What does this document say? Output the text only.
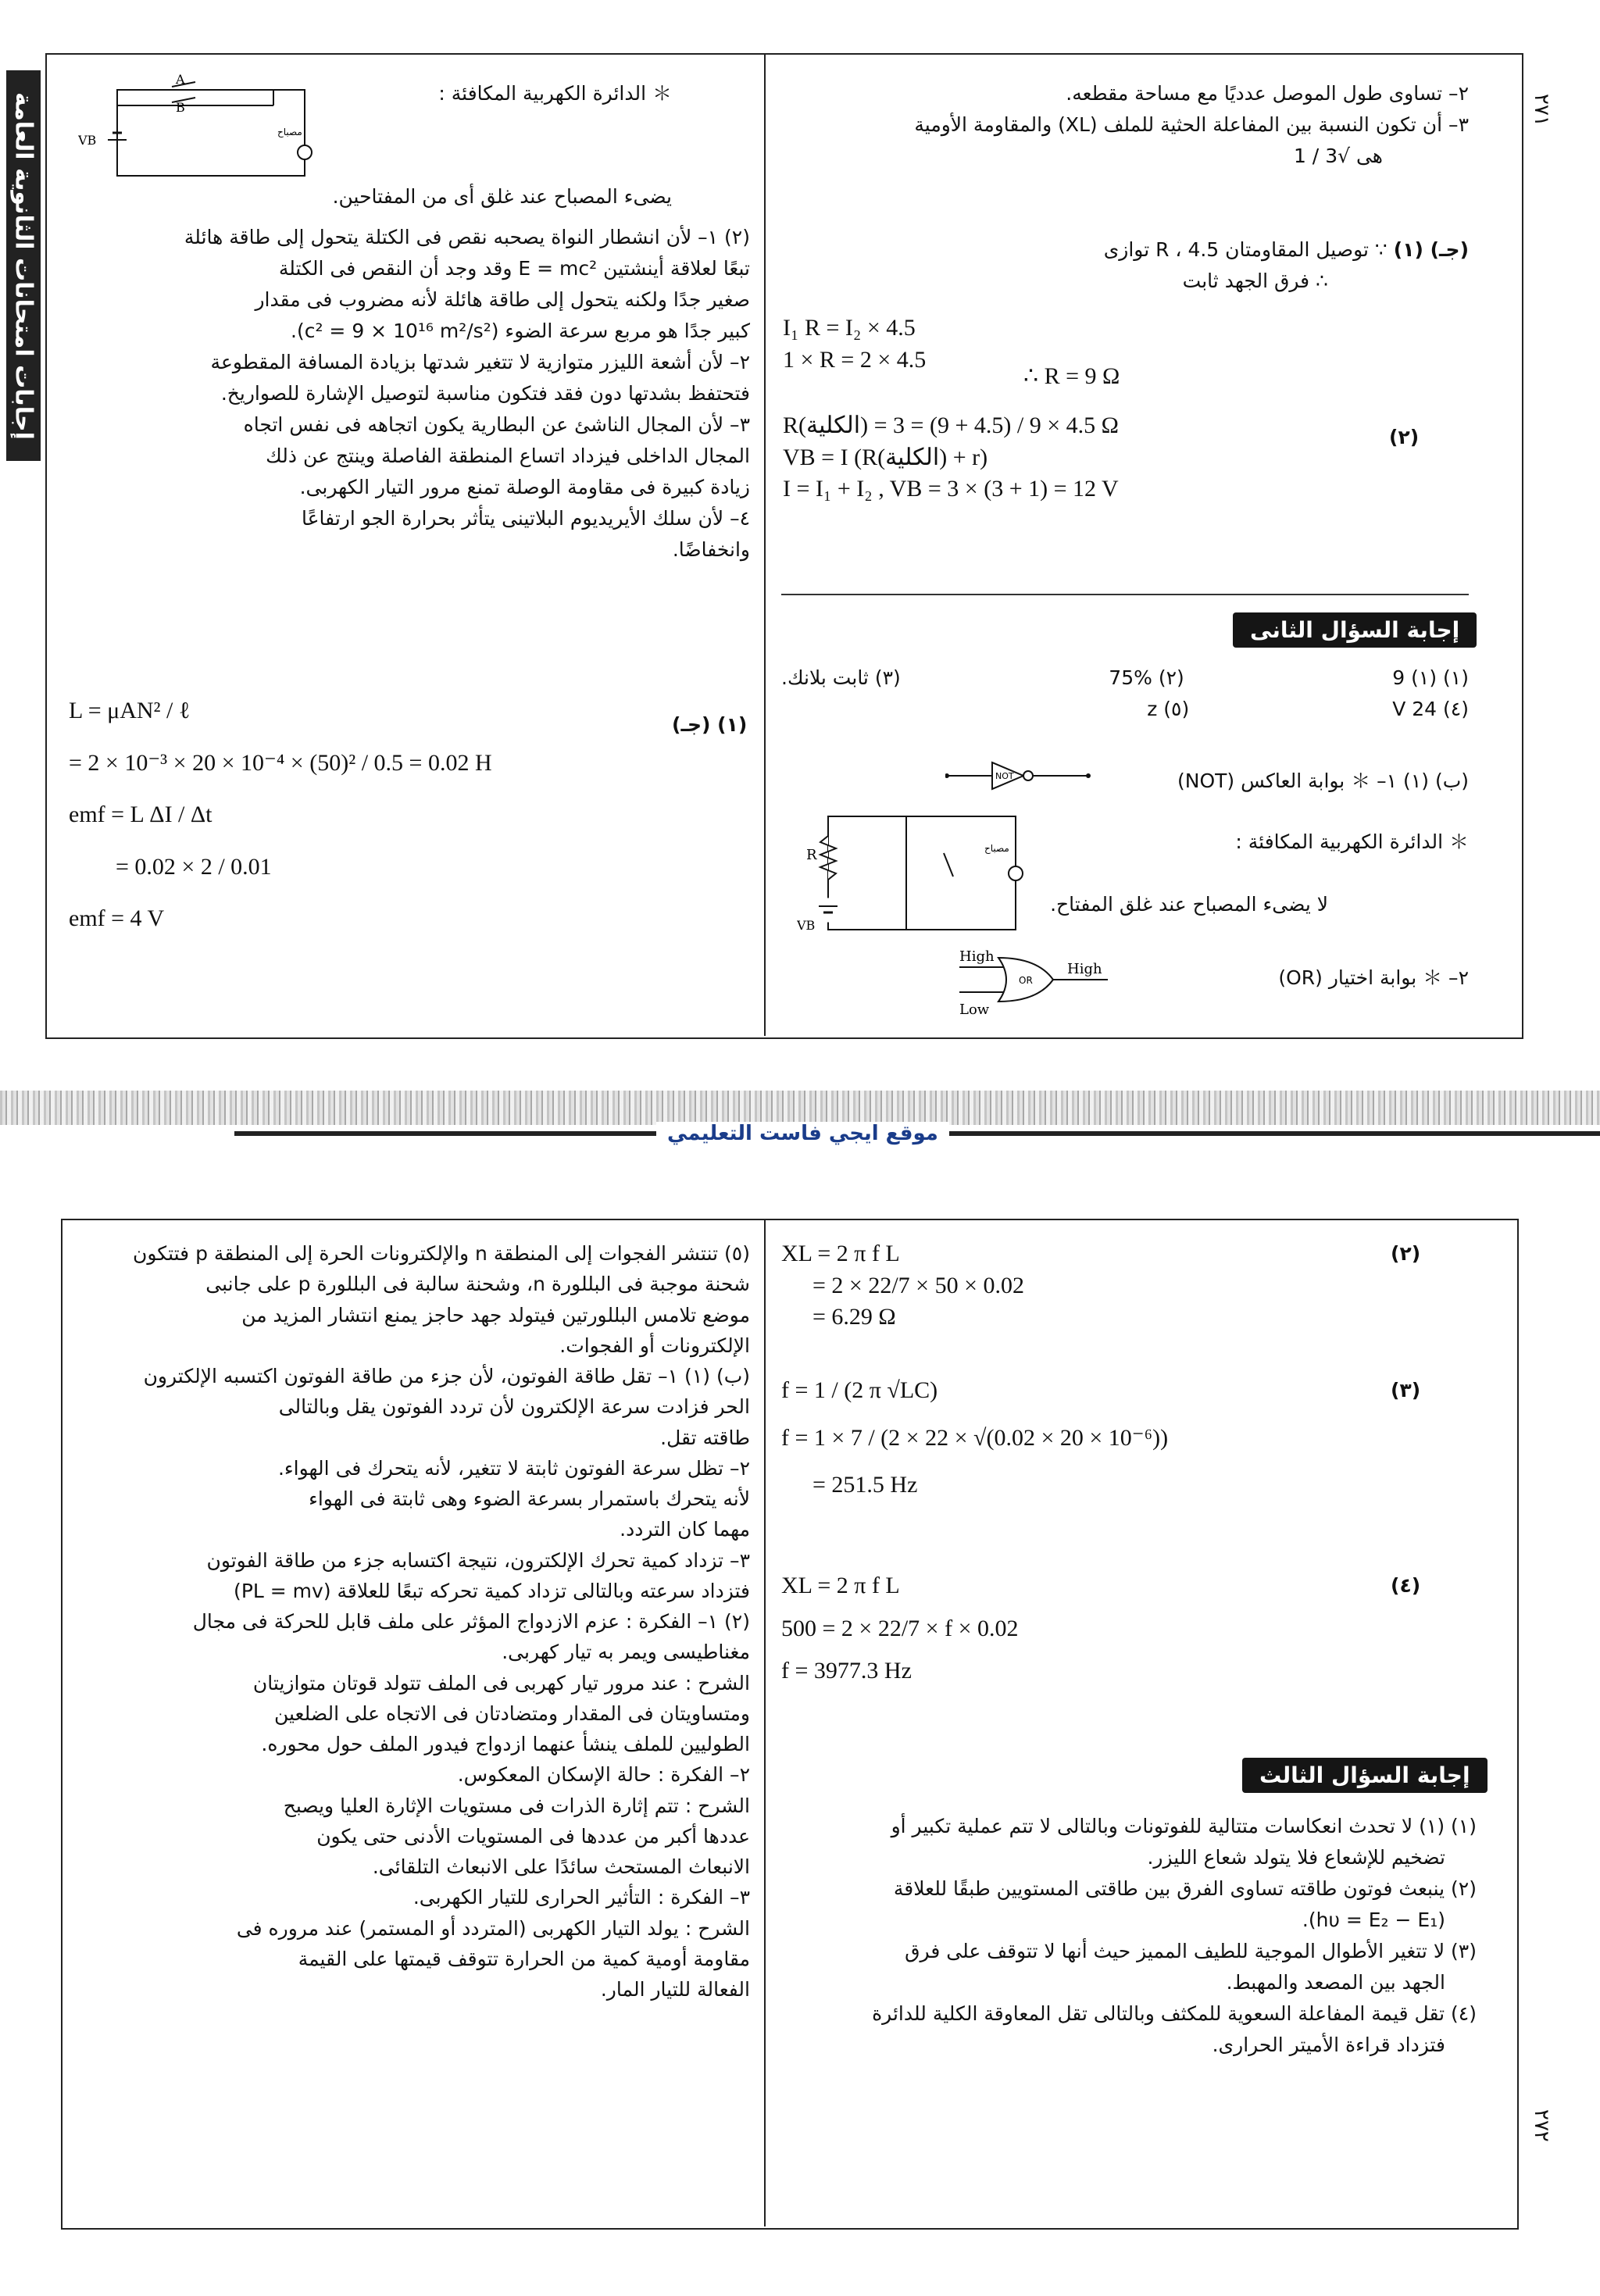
إجابات امتحانات الثانوية العامة	٢٧١

٢– تساوى طول الموصل عدديًا مع مساحة مقطعه.

٣– أن تكون النسبة بين المفاعلة الحثية للملف (XL) والمقاومة الأومية

هى √3 / 1

(جـ) (١) ∵ توصيل المقاومتان R ، 4.5 توازى

∴ فرق الجهد ثابت

I₁ R = I₂ × 4.5
1 × R = 2 × 4.5
∴ R = 9 Ω
(٢)
R(الكلية) = 4.5 × 9 / (4.5 + 9) = 3 Ω
VB = I (R(الكلية) + r)
I = I₁ + I₂ , VB = 3 × (3 + 1) = 12 V
إجابة السؤال الثانى
(١) (١) 9
(٢) 75%
(٣) ثابت بلانك.
(٤) 24 V
(٥) z
(ب) (١) ١– ＊ بوابة العاكس (NOT)
NOT
＊ الدائرة الكهربية المكافئة :
لا يضىء المصباح عند غلق المفتاح.
R
VB
مصباح
٢– ＊ بوابة اختيار (OR)
OR
High
High
Low
＊ الدائرة الكهربية المكافئة :
A
B
VB
مصباح
يضىء المصباح عند غلق أى من المفتاحين.

(٢) ١– لأن انشطار النواة يصحبه نقص فى الكتلة يتحول إلى طاقة هائلة

تبعًا لعلاقة أينشتين E = mc² وقد وجد أن النقص فى الكتلة

صغير جدًا ولكنه يتحول إلى طاقة هائلة لأنه مضروب فى مقدار

كبير جدًا هو مربع سرعة الضوء (c² = 9 × 10¹⁶ m²/s²).

٢– لأن أشعة الليزر متوازية لا تتغير شدتها بزيادة المسافة المقطوعة

فتحتفظ بشدتها دون فقد فتكون مناسبة لتوصيل الإشارة للصواريخ.

٣– لأن المجال الناشئ عن البطارية يكون اتجاهه فى نفس اتجاه

المجال الداخلى فيزداد اتساع المنطقة الفاصلة وينتج عن ذلك

زيادة كبيرة فى مقاومة الوصلة تمنع مرور التيار الكهربى.

٤– لأن سلك الأيريديوم البلاتينى يتأثر بحرارة الجو ارتفاعًا

وانخفاضًا.

(جـ) (١)
L = μAN² / ℓ
= 2 × 10⁻³ × 20 × 10⁻⁴ × (50)² / 0.5 = 0.02 H
emf = L ΔI / Δt
= 0.02 × 2 / 0.01
emf = 4 V
موقع ايجي فاست التعليمي
٢٧٢
(٢)
XL = 2 π f L
= 2 × 22/7 × 50 × 0.02
= 6.29 Ω
(٣)
f = 1 / (2 π √LC)
f = 1 × 7 / (2 × 22 × √(0.02 × 20 × 10⁻⁶))
= 251.5 Hz
(٤)
XL = 2 π f L
500 = 2 × 22/7 × f × 0.02
f = 3977.3 Hz
إجابة السؤال الثالث

(١) (١) لا تحدث انعكاسات متتالية للفوتونات وبالتالى لا تتم عملية تكبير أو

تضخيم للإشعاع فلا يتولد شعاع الليزر.

(٢) ينبعث فوتون طاقته تساوى الفرق بين طاقتى المستويين طبقًا للعلاقة

(hυ = E₂ − E₁).

(٣) لا تتغير الأطوال الموجية للطيف المميز حيث أنها لا تتوقف على فرق

الجهد بين المصعد والمهبط.

(٤) تقل قيمة المفاعلة السعوية للمكثف وبالتالى تقل المعاوقة الكلية للدائرة

فتزداد قراءة الأميتر الحرارى.

(٥) تنتشر الفجوات إلى المنطقة n والإلكترونات الحرة إلى المنطقة p فتتكون

شحنة موجبة فى البللورة n، وشحنة سالبة فى البللورة p على جانبى

موضع تلامس البللورتين فيتولد جهد حاجز يمنع انتشار المزيد من

الإلكترونات أو الفجوات.

(ب) (١) ١– تقل طاقة الفوتون، لأن جزء من طاقة الفوتون اكتسبه الإلكترون

الحر فزادت سرعة الإلكترون لأن تردد الفوتون يقل وبالتالى

طاقته تقل.

٢– تظل سرعة الفوتون ثابتة لا تتغير، لأنه يتحرك فى الهواء.

لأنه يتحرك باستمرار بسرعة الضوء وهى ثابتة فى الهواء

مهما كان التردد.

٣– تزداد كمية تحرك الإلكترون، نتيجة اكتسابه جزء من طاقة الفوتون

فتزداد سرعته وبالتالى تزداد كمية تحركه تبعًا للعلاقة (PL = mv)

(٢) ١– الفكرة : عزم الازدواج المؤثر على ملف قابل للحركة فى مجال

مغناطيسى ويمر به تيار كهربى.

الشرح : عند مرور تيار كهربى فى الملف تتولد قوتان متوازيتان

ومتساويتان فى المقدار ومتضادتان فى الاتجاه على الضلعين

الطوليين للملف ينشأ عنهما ازدواج فيدور الملف حول محوره.

٢– الفكرة : حالة الإسكان المعكوس.

الشرح : تتم إثارة الذرات فى مستويات الإثارة العليا ويصبح

عددها أكبر من عددها فى المستويات الأدنى حتى يكون

الانبعاث المستحث سائدًا على الانبعاث التلقائى.

٣– الفكرة : التأثير الحرارى للتيار الكهربى.

الشرح : يولد التيار الكهربى (المتردد أو المستمر) عند مروره فى

مقاومة أومية كمية من الحرارة تتوقف قيمتها على القيمة

الفعالة للتيار المار.
